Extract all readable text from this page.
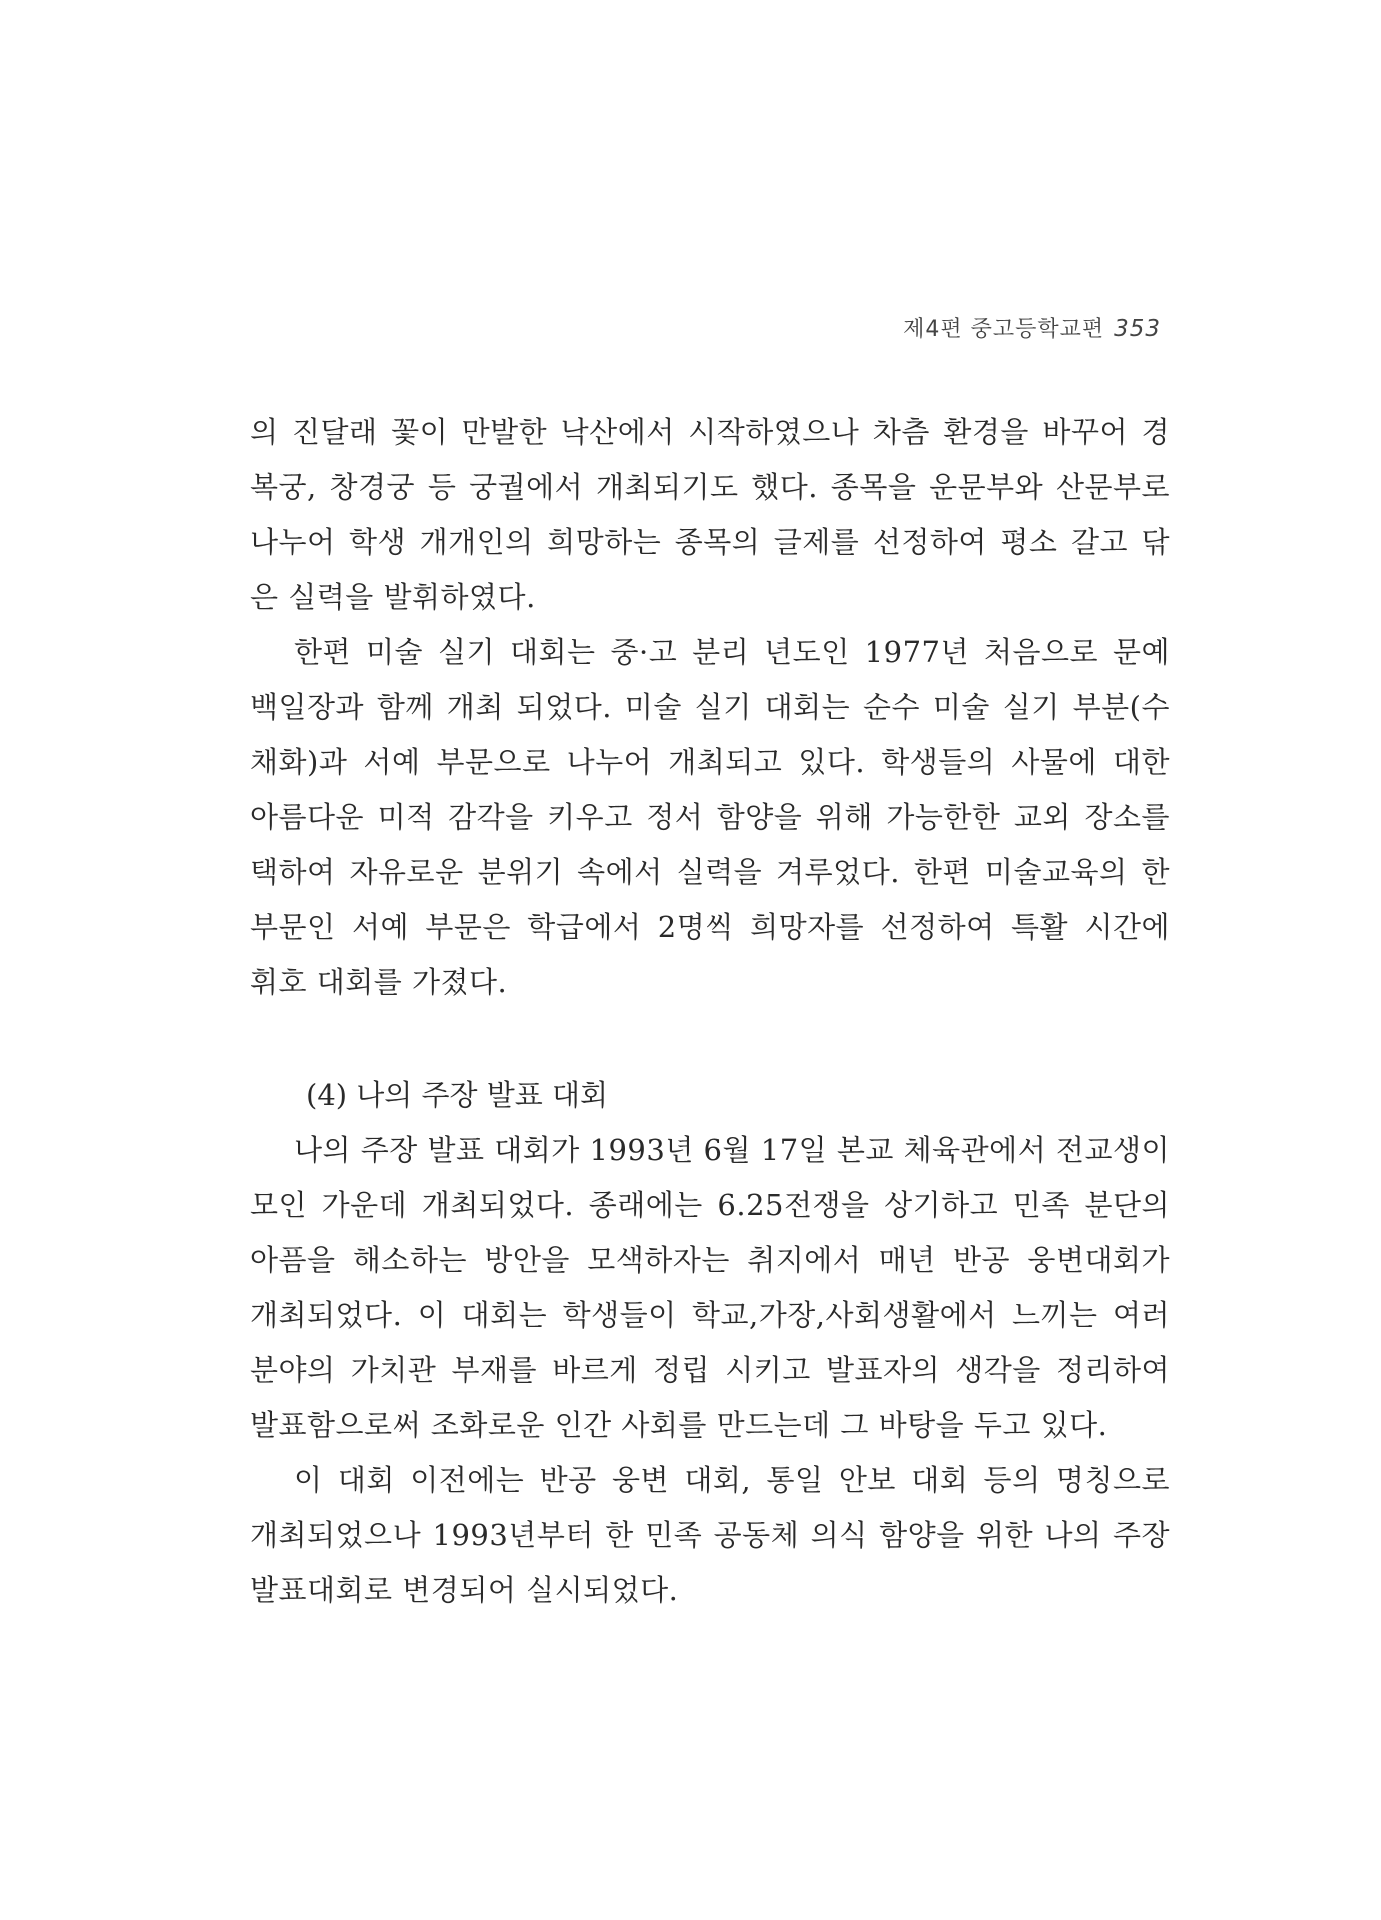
제4편 중고등학교편 353
의 진달래 꽃이 만발한 낙산에서 시작하였으나 차츰 환경을 바꾸어 경
복궁, 창경궁 등 궁궐에서 개최되기도 했다. 종목을 운문부와 산문부로
나누어 학생 개개인의 희망하는 종목의 글제를 선정하여 평소 갈고 닦
은 실력을 발휘하였다.
한편 미술 실기 대회는 중·고 분리 년도인 1977년 처음으로 문예
백일장과 함께 개최 되었다. 미술 실기 대회는 순수 미술 실기 부분(수
채화)과 서예 부문으로 나누어 개최되고 있다. 학생들의 사물에 대한
아름다운 미적 감각을 키우고 정서 함양을 위해 가능한한 교외 장소를
택하여 자유로운 분위기 속에서 실력을 겨루었다. 한편 미술교육의 한
부문인 서예 부문은 학급에서 2명씩 희망자를 선정하여 특활 시간에
휘호 대회를 가졌다.
(4) 나의 주장 발표 대회
나의 주장 발표 대회가 1993년 6월 17일 본교 체육관에서 전교생이
모인 가운데 개최되었다. 종래에는 6.25전쟁을 상기하고 민족 분단의
아픔을 해소하는 방안을 모색하자는 취지에서 매년 반공 웅변대회가
개최되었다. 이 대회는 학생들이 학교,가장,사회생활에서 느끼는 여러
분야의 가치관 부재를 바르게 정립 시키고 발표자의 생각을 정리하여
발표함으로써 조화로운 인간 사회를 만드는데 그 바탕을 두고 있다.
이 대회 이전에는 반공 웅변 대회, 통일 안보 대회 등의 명칭으로
개최되었으나 1993년부터 한 민족 공동체 의식 함양을 위한 나의 주장
발표대회로 변경되어 실시되었다.
